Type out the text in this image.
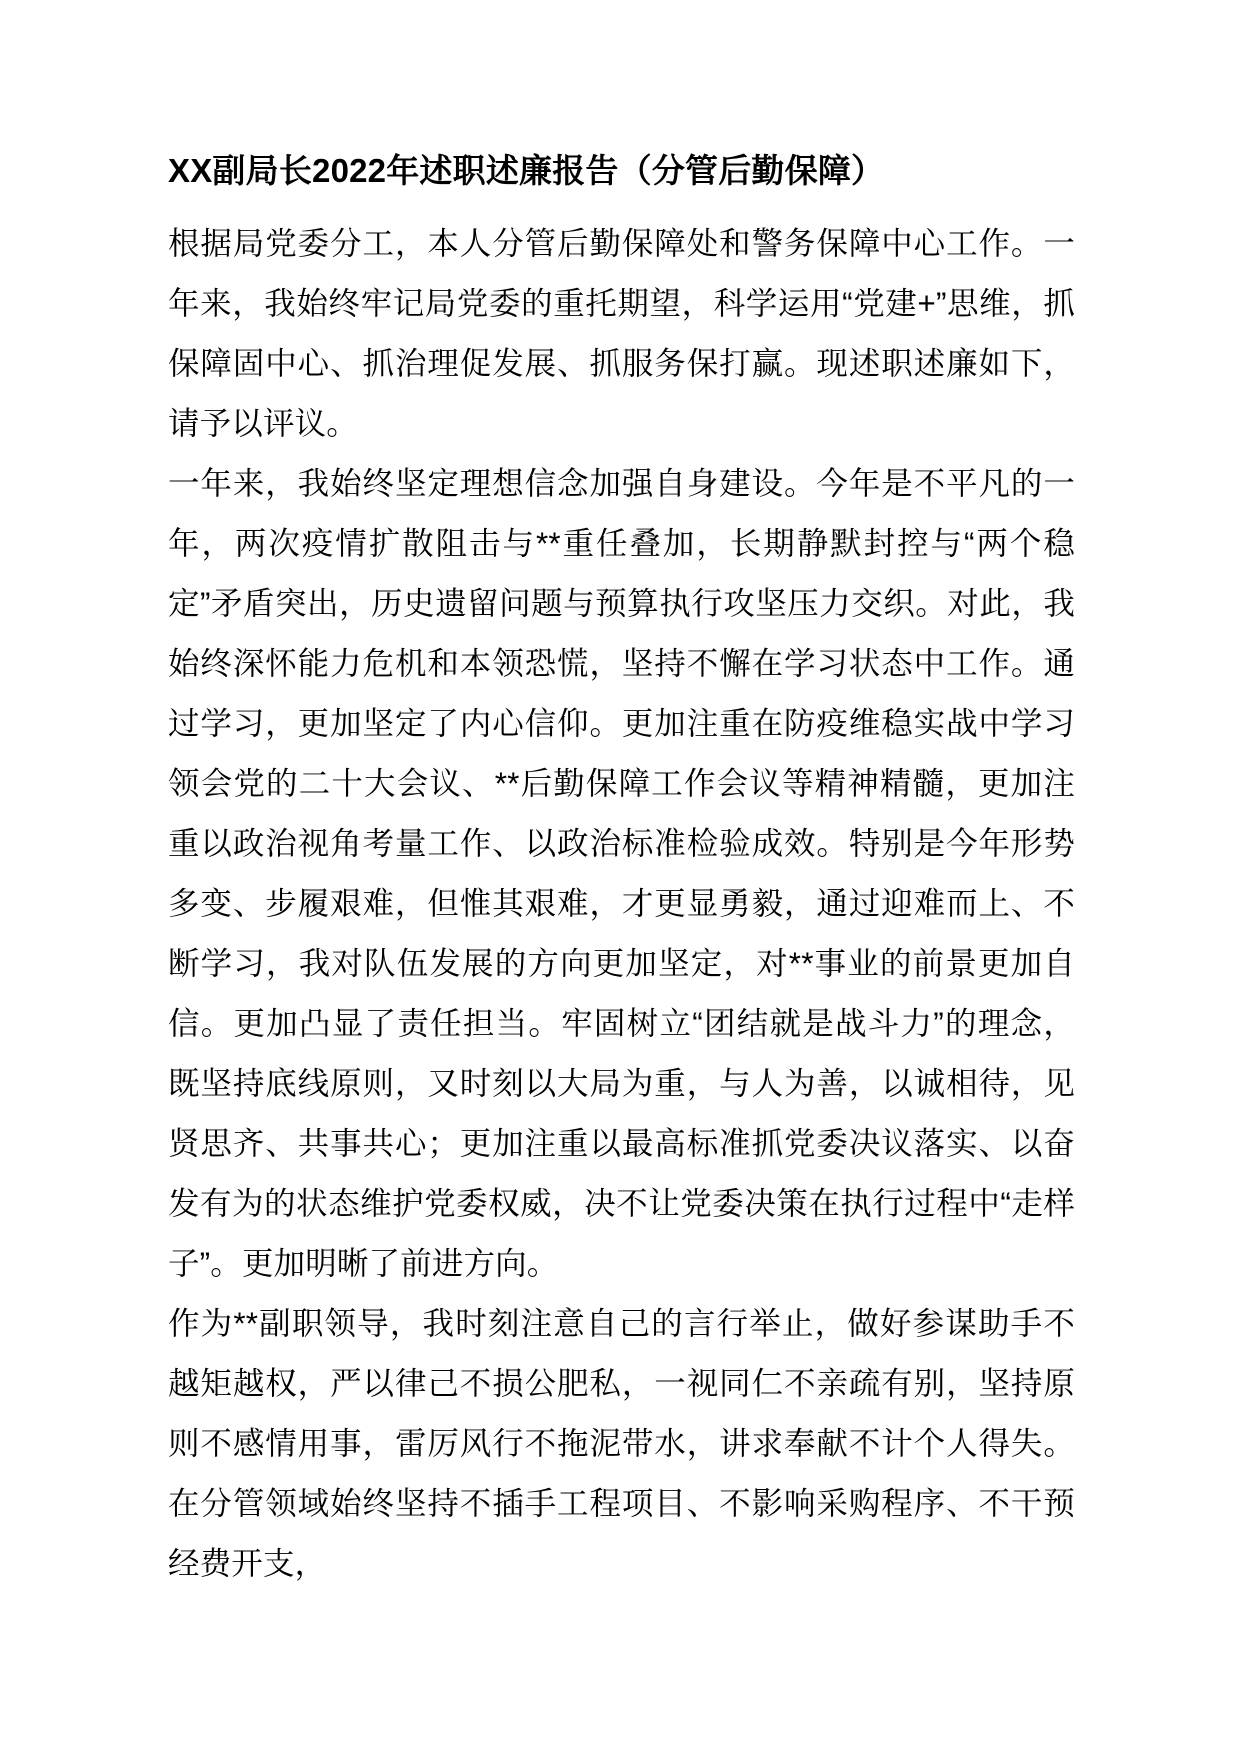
XX副局长2022年述职述廉报告（分管后勤保障）

根据局党委分工，本人分管后勤保障处和警务保障中心工作。一年来，我始终牢记局党委的重托期望，科学运用“党建+”思维，抓保障固中心、抓治理促发展、抓服务保打赢。现述职述廉如下，请予以评议。

一年来，我始终坚定理想信念加强自身建设。今年是不平凡的一年，两次疫情扩散阻击与**重任叠加，长期静默封控与“两个稳定”矛盾突出，历史遗留问题与预算执行攻坚压力交织。对此，我始终深怀能力危机和本领恐慌，坚持不懈在学习状态中工作。通过学习，更加坚定了内心信仰。更加注重在防疫维稳实战中学习领会党的二十大会议、**后勤保障工作会议等精神精髓，更加注重以政治视角考量工作、以政治标准检验成效。特别是今年形势多变、步履艰难，但惟其艰难，才更显勇毅，通过迎难而上、不断学习，我对队伍发展的方向更加坚定，对**事业的前景更加自信。更加凸显了责任担当。牢固树立“团结就是战斗力”的理念，既坚持底线原则，又时刻以大局为重，与人为善，以诚相待，见贤思齐、共事共心；更加注重以最高标准抓党委决议落实、以奋发有为的状态维护党委权威，决不让党委决策在执行过程中“走样子”。更加明晰了前进方向。

作为**副职领导，我时刻注意自己的言行举止，做好参谋助手不越矩越权，严以律己不损公肥私，一视同仁不亲疏有别，坚持原则不感情用事，雷厉风行不拖泥带水，讲求奉献不计个人得失。在分管领域始终坚持不插手工程项目、不影响采购程序、不干预经费开支，
